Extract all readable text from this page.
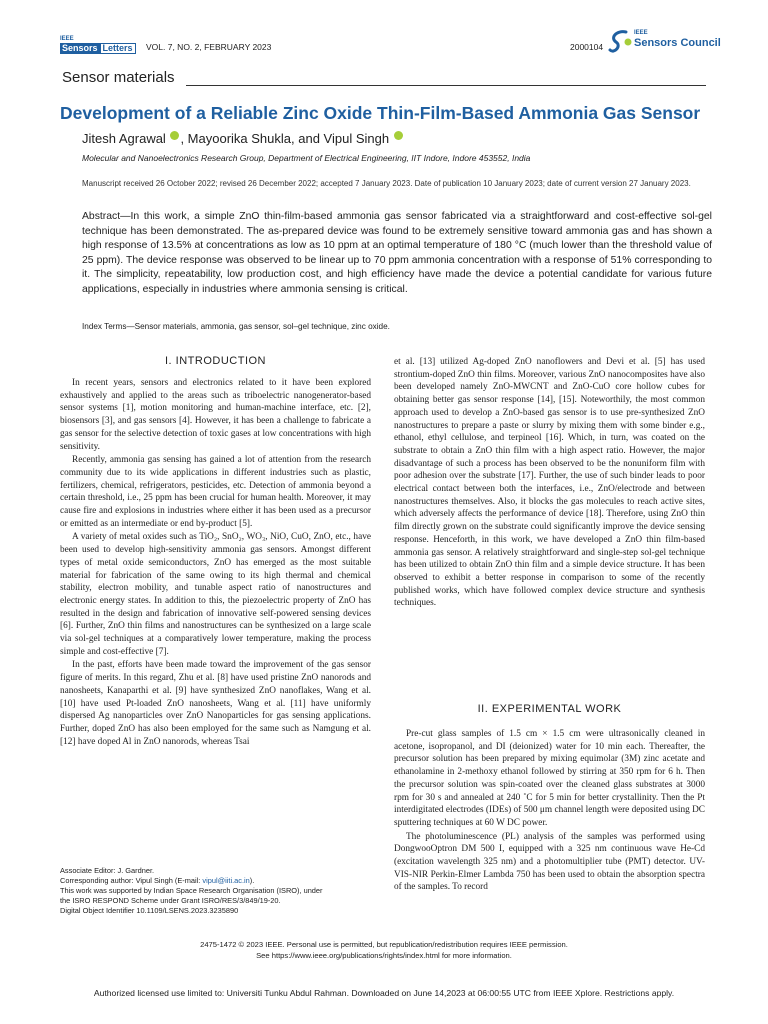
IEEE
Sensors Letters	VOL. 7, NO. 2, FEBRUARY 2023	2000104
IEEE
Sensors Council
Sensor materials
Development of a Reliable Zinc Oxide Thin-Film-Based Ammonia Gas Sensor
Jitesh Agrawal , Mayoorika Shukla, and Vipul Singh
Molecular and Nanoelectronics Research Group, Department of Electrical Engineering, IIT Indore, Indore 453552, India
Manuscript received 26 October 2022; revised 26 December 2022; accepted 7 January 2023. Date of publication 10 January 2023; date of current version 27 January 2023.
Abstract—In this work, a simple ZnO thin-film-based ammonia gas sensor fabricated via a straightforward and cost-effective sol-gel technique has been demonstrated. The as-prepared device was found to be extremely sensitive toward ammonia gas and has shown a high response of 13.5% at concentrations as low as 10 ppm at an optimal temperature of 180 °C (much lower than the threshold value of 25 ppm). The device response was observed to be linear up to 70 ppm ammonia concentration with a response of 51% corresponding to it. The simplicity, repeatability, low production cost, and high efficiency have made the device a potential candidate for various future applications, especially in industries where ammonia sensing is critical.
Index Terms—Sensor materials, ammonia, gas sensor, sol–gel technique, zinc oxide.
I. INTRODUCTION

In recent years, sensors and electronics related to it have been explored exhaustively and applied to the areas such as triboelectric nanogenerator-based sensor systems [1], motion monitoring and human-machine interface, etc. [2], biosensors [3], and gas sensors [4]. However, it has been a challenge to fabricate a gas sensor for the selective detection of toxic gases at low concentrations with high sensitivity.

Recently, ammonia gas sensing has gained a lot of attention from the research community due to its wide applications in different industries such as plastic, fertilizers, chemical, refrigerators, pesticides, etc. Detection of ammonia beyond a certain threshold, i.e., 25 ppm has been crucial for human health. Moreover, it may cause fire and explosions in industries where either it has been used as a precursor or emitted as an intermediate or end by-product [5].

A variety of metal oxides such as TiO₂, SnO₂, WO₃, NiO, CuO, ZnO, etc., have been used to develop high-sensitivity ammonia gas sensors. Amongst different types of metal oxide semiconductors, ZnO has emerged as the most suitable material for fabrication of the same owing to its high thermal and chemical stability, electron mobility, and tunable aspect ratio of nanostructures and electronic energy states. In addition to this, the piezoelectric property of ZnO has resulted in the design and fabrication of innovative self-powered sensing devices [6]. Further, ZnO thin films and nanostructures can be synthesized on a large scale via sol-gel techniques at a comparatively lower temperature, making the process simple and cost-effective [7].

In the past, efforts have been made toward the improvement of the gas sensor figure of merits. In this regard, Zhu et al. [8] have used pristine ZnO nanorods and nanosheets, Kanaparthi et al. [9] have synthesized ZnO nanoflakes, Wang et al. [10] have used Pt-loaded ZnO nanosheets, Wang et al. [11] have uniformly dispersed Ag nanoparticles over ZnO Nanoparticles for gas sensing applications. Further, doped ZnO has also been employed for the same such as Namgung et al. [12] have doped Al in ZnO nanorods, whereas Tsai

et al. [13] utilized Ag-doped ZnO nanoflowers and Devi et al. [5] has used strontium-doped ZnO thin films. Moreover, various ZnO nanocomposites have also been developed namely ZnO-MWCNT and ZnO-CuO core hollow cubes for obtaining better gas sensor response [14], [15]. Noteworthily, the most common approach used to develop a ZnO-based gas sensor is to use pre-synthesized ZnO nanostructures to prepare a paste or slurry by mixing them with some binder e.g., ethanol, ethyl cellulose, and terpineol [16]. Which, in turn, was coated on the substrate to obtain a ZnO thin film with a high aspect ratio. However, the major disadvantage of such a process has been observed to be the nonuniform film with poor adhesion over the substrate [17]. Further, the use of such binder leads to poor electrical contact between both the interfaces, i.e., ZnO/electrode and between nanostructures themselves. Also, it blocks the gas molecules to reach active sites, which adversely affects the performance of device [18]. Therefore, using ZnO thin film directly grown on the substrate could significantly improve the device sensing response. Henceforth, in this work, we have developed a ZnO thin film-based ammonia gas sensor. A relatively straightforward and single-step sol-gel technique has been utilized to obtain ZnO thin film and a simple device structure. It has been observed to exhibit a better response in comparison to some of the recently published works, which have followed complex device structure and synthesis techniques.

II. EXPERIMENTAL WORK

Pre-cut glass samples of 1.5 cm × 1.5 cm were ultrasonically cleaned in acetone, isopropanol, and DI (deionized) water for 10 min each. Thereafter, the precursor solution has been prepared by mixing equimolar (3M) zinc acetate and ethanolamine in 2-methoxy ethanol followed by stirring at 350 rpm for 6 h. Then the precursor solution was spin-coated over the cleaned glass substrates at 3000 rpm for 30 s and annealed at 240 ˚C for 5 min for better crystallinity. Then the Pt interdigitated electrodes (IDEs) of 500 μm channel length were deposited using DC sputtering techniques at 60 W DC power.

The photoluminescence (PL) analysis of the samples was performed using DongwooOptron DM 500 I, equipped with a 325 nm continuous wave He-Cd (excitation wavelength 325 nm) and a photomultiplier tube (PMT) detector. UV-VIS-NIR Perkin-Elmer Lambda 750 has been used to obtain the absorption spectra of the samples. To record

Associate Editor: J. Gardner.
Corresponding author: Vipul Singh (E-mail: vipul@iiti.ac.in).
This work was supported by Indian Space Research Organisation (ISRO), under
the ISRO RESPOND Scheme under Grant ISRO/RES/3/849/19-20.
Digital Object Identifier 10.1109/LSENS.2023.3235890
2475-1472 © 2023 IEEE. Personal use is permitted, but republication/redistribution requires IEEE permission.
See https://www.ieee.org/publications/rights/index.html for more information.
Authorized licensed use limited to: Universiti Tunku Abdul Rahman. Downloaded on June 14,2023 at 06:00:55 UTC from IEEE Xplore. Restrictions apply.
